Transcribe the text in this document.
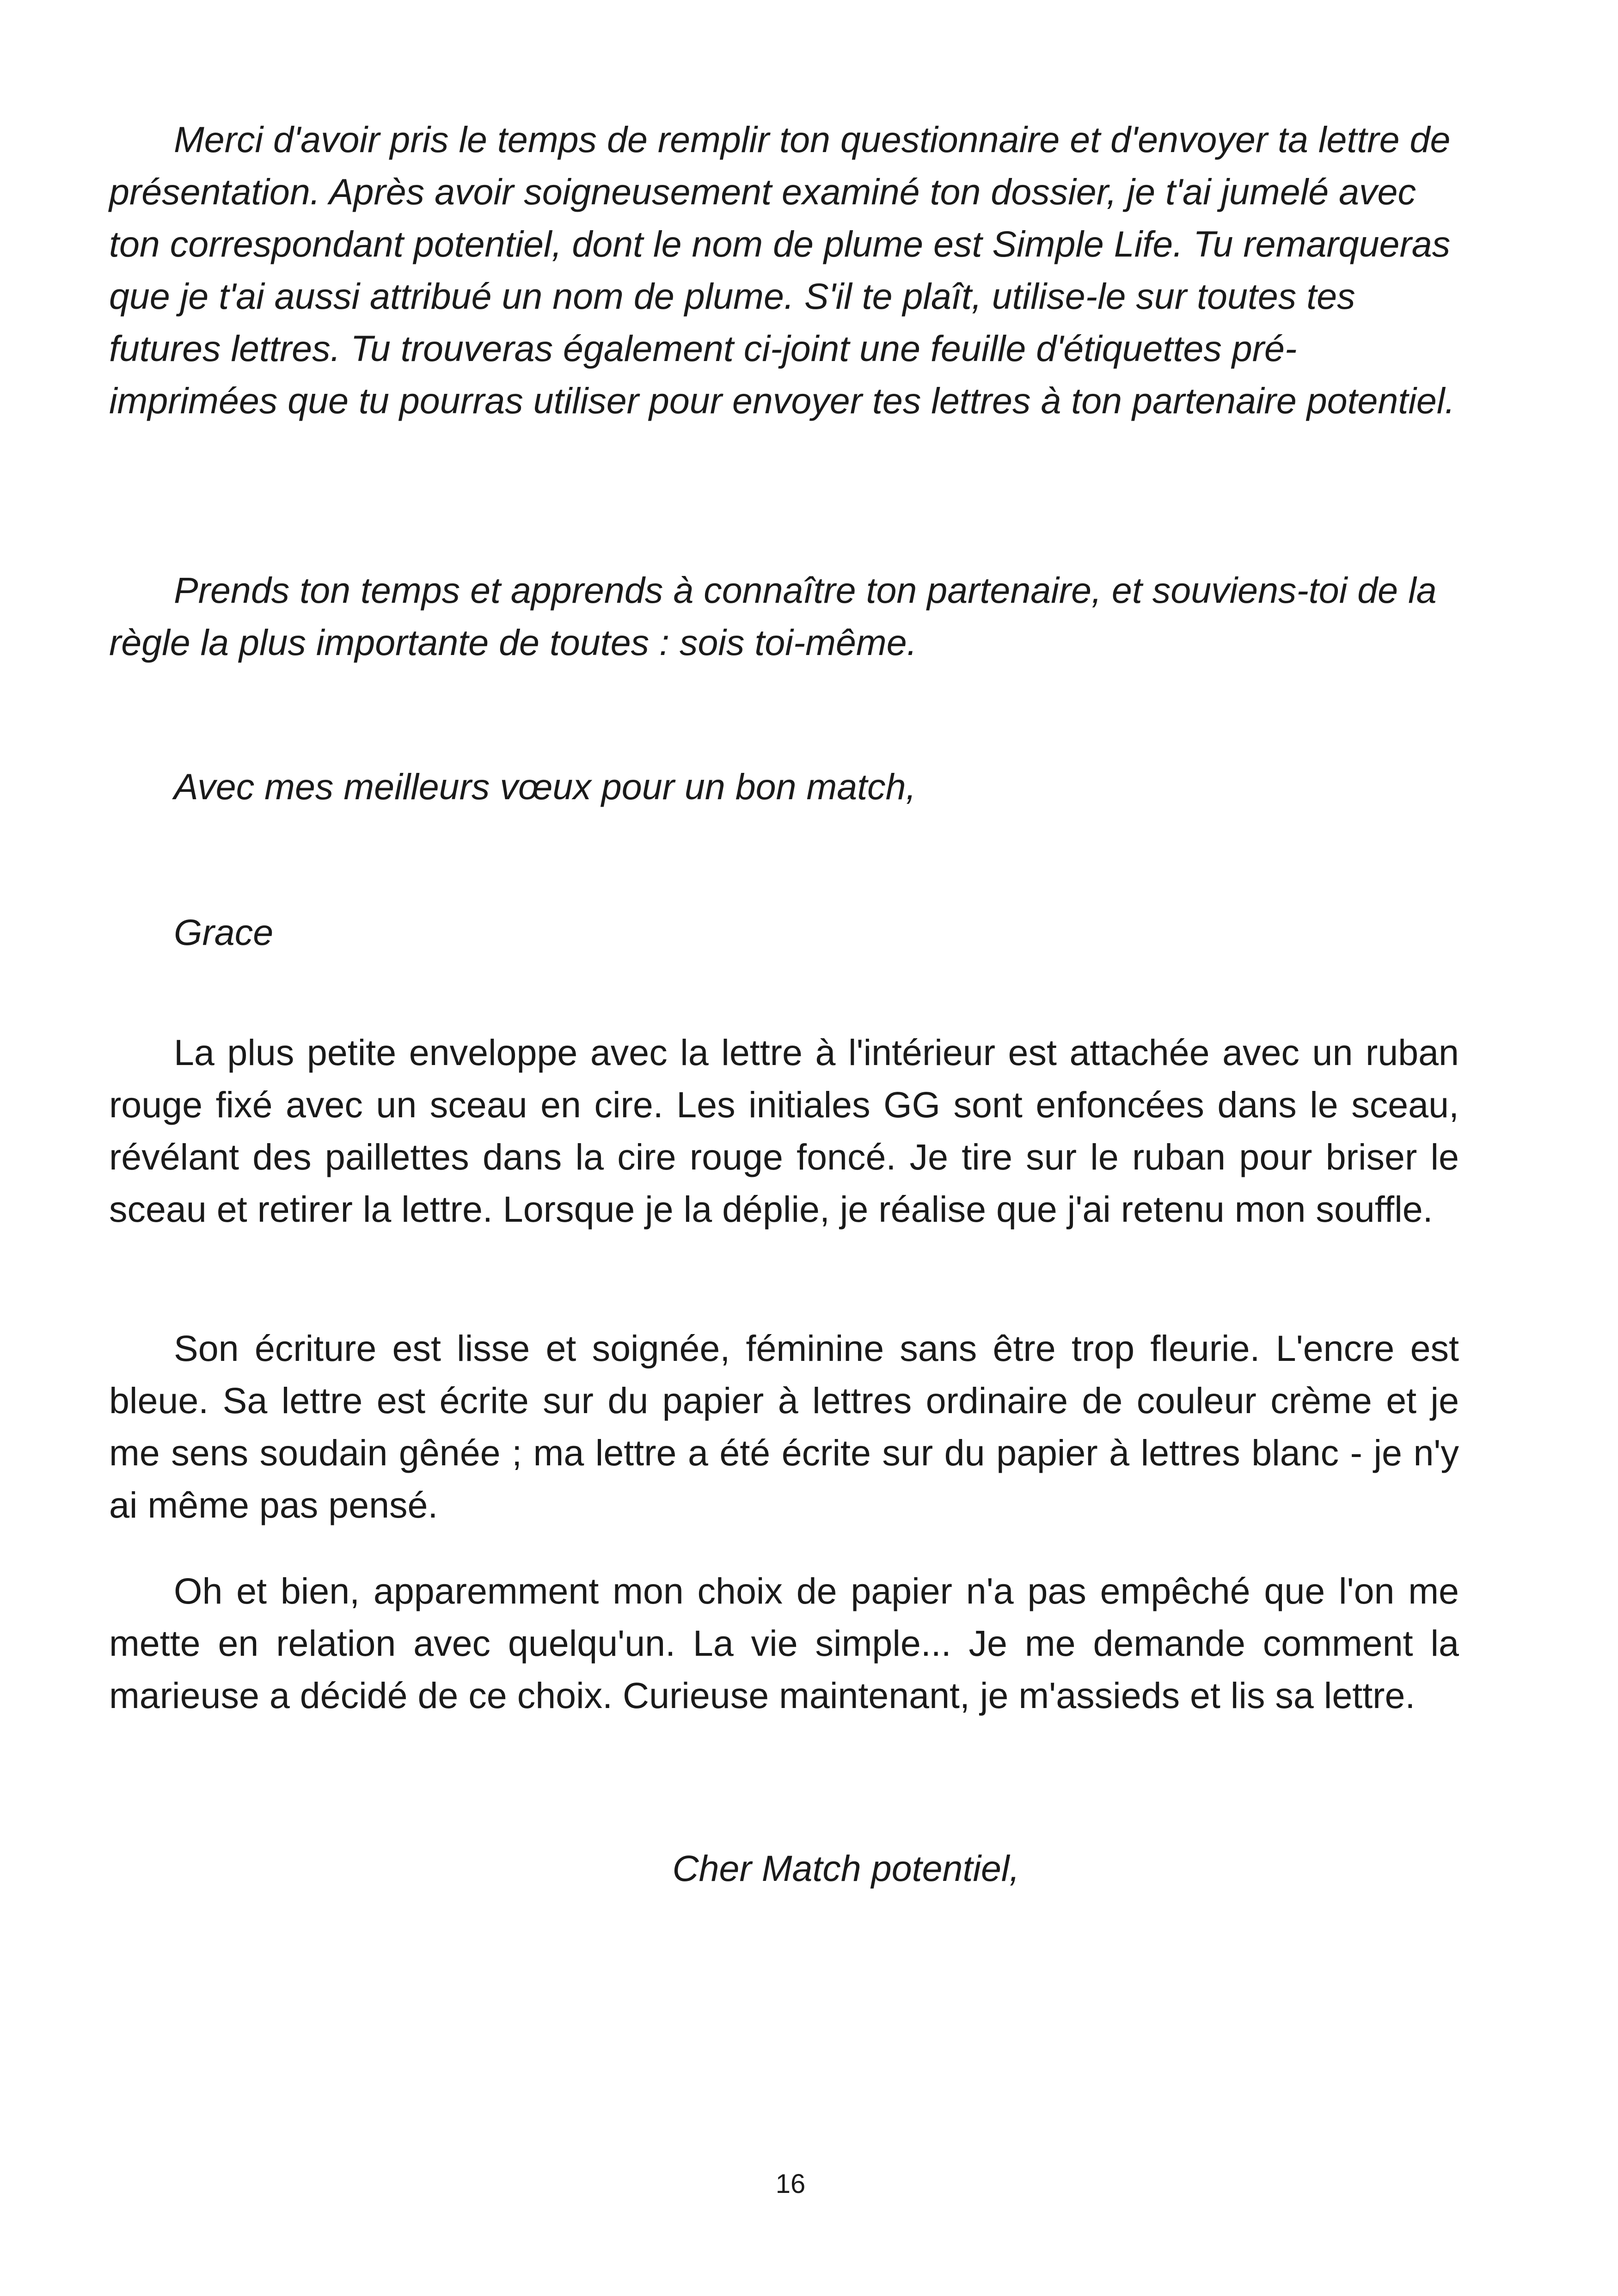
Merci d'avoir pris le temps de remplir ton questionnaire et d'envoyer ta lettre de présentation. Après avoir soigneusement examiné ton dossier, je t'ai jumelé avec ton correspondant potentiel, dont le nom de plume est Simple Life. Tu remarqueras que je t'ai aussi attribué un nom de plume. S'il te plaît, utilise-le sur toutes tes futures lettres. Tu trouveras également ci-joint une feuille d'étiquettes pré-imprimées que tu pourras utiliser pour envoyer tes lettres à ton partenaire potentiel.

Prends ton temps et apprends à connaître ton partenaire, et souviens-toi de la règle la plus importante de toutes : sois toi-même.

Avec mes meilleurs vœux pour un bon match,

Grace

La plus petite enveloppe avec la lettre à l'intérieur est attachée avec un ruban rouge fixé avec un sceau en cire. Les initiales GG sont enfoncées dans le sceau, révélant des paillettes dans la cire rouge foncé. Je tire sur le ruban pour briser le sceau et retirer la lettre. Lorsque je la déplie, je réalise que j'ai retenu mon souffle.

Son écriture est lisse et soignée, féminine sans être trop fleurie. L'encre est bleue. Sa lettre est écrite sur du papier à lettres ordinaire de couleur crème et je me sens soudain gênée ; ma lettre a été écrite sur du papier à lettres blanc - je n'y ai même pas pensé.

Oh et bien, apparemment mon choix de papier n'a pas empêché que l'on me mette en relation avec quelqu'un. La vie simple... Je me demande comment la marieuse a décidé de ce choix. Curieuse maintenant, je m'assieds et lis sa lettre.

Cher Match potentiel,

16
